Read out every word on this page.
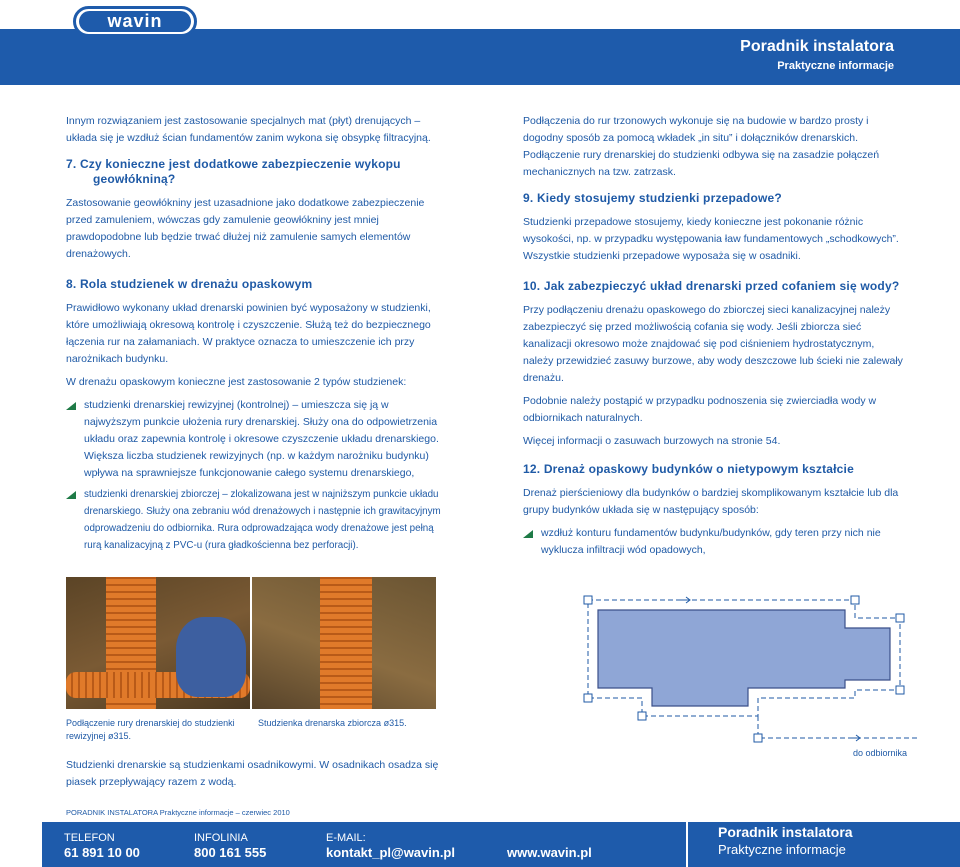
wavin
Poradnik instalatora
Praktyczne informacje

Innym rozwiązaniem jest zastosowanie specjalnych mat (płyt) drenujących – układa się je wzdłuż ścian fundamentów zanim wykona się obsypkę filtracyjną.

7. Czy konieczne jest dodatkowe zabezpieczenie wykopu geowłókniną?

Zastosowanie geowłókniny jest uzasadnione jako dodatkowe zabezpieczenie przed zamuleniem, wówczas gdy zamulenie geowłókniny jest mniej prawdopodobne lub będzie trwać dłużej niż zamulenie samych elementów drenażowych.

8. Rola studzienek w drenażu opaskowym

Prawidłowo wykonany układ drenarski powinien być wyposażony w studzienki, które umożliwiają okresową kontrolę i czyszczenie. Służą też do bezpiecznego łączenia rur na załamaniach. W praktyce oznacza to umieszczenie ich przy narożnikach budynku.

W drenażu opaskowym konieczne jest zastosowanie 2 typów studzienek:

studzienki drenarskiej rewizyjnej (kontrolnej) – umieszcza się ją w najwyższym punkcie ułożenia rury drenarskiej. Służy ona do odpowietrzenia układu oraz zapewnia kontrolę i okresowe czyszczenie układu drenarskiego. Większa liczba studzienek rewizyjnych (np. w każdym narożniku budynku) wpływa na sprawniejsze funkcjonowanie całego systemu drenarskiego,
studzienki drenarskiej zbiorczej – zlokalizowana jest w najniższym punkcie układu drenarskiego. Służy ona zebraniu wód drenażowych i następnie ich grawitacyjnym odprowadzeniu do odbiornika. Rura odprowadzająca wody drenażowe jest pełną rurą kanalizacyjną z PVC-u (rura gładkościenna bez perforacji).
Podłączenie rury drenarskiej do studzienki rewizyjnej ø315.
Studzienka drenarska zbiorcza ø315.
Studzienki drenarskie są studzienkami osadnikowymi. W osadnikach osadza się piasek przepływający razem z wodą.

Podłączenia do rur trzonowych wykonuje się na budowie w bardzo prosty i dogodny sposób za pomocą wkładek „in situ” i dołączników drenarskich.

Podłączenie rury drenarskiej do studzienki odbywa się na zasadzie połączeń mechanicznych na tzw. zatrzask.

9. Kiedy stosujemy studzienki przepadowe?

Studzienki przepadowe stosujemy, kiedy konieczne jest pokonanie różnic wysokości, np. w przypadku występowania ław fundamentowych „schodkowych”. Wszystkie studzienki przepadowe wyposaża się w osadniki.

10. Jak zabezpieczyć układ drenarski przed cofaniem się wody?

Przy podłączeniu drenażu opaskowego do zbiorczej sieci kanalizacyjnej należy zabezpieczyć się przed możliwością cofania się wody. Jeśli zbiorcza sieć kanalizacji okresowo może znajdować się pod ciśnieniem hydrostatycznym, należy przewidzieć zasuwy burzowe, aby wody deszczowe lub ścieki nie zalewały drenażu.

Podobnie należy postąpić w przypadku podnoszenia się zwierciadła wody w odbiornikach naturalnych.

Więcej informacji o zasuwach burzowych na stronie 54.

12. Drenaż opaskowy budynków o nietypowym kształcie

Drenaż pierścieniowy dla budynków o bardziej skomplikowanym kształcie lub dla grupy budynków układa się w następujący sposób:

wzdłuż konturu fundamentów budynku/budynków, gdy teren przy nich nie wyklucza infiltracji wód opadowych,
do odbiornika
PORADNIK INSTALATORA Praktyczne informacje – czerwiec 2010
TELEFON
61 891 10 00
INFOLINIA
800 161 555
E-MAIL:
kontakt_pl@wavin.pl	www.wavin.pl
Poradnik instalatora
Praktyczne informacje
